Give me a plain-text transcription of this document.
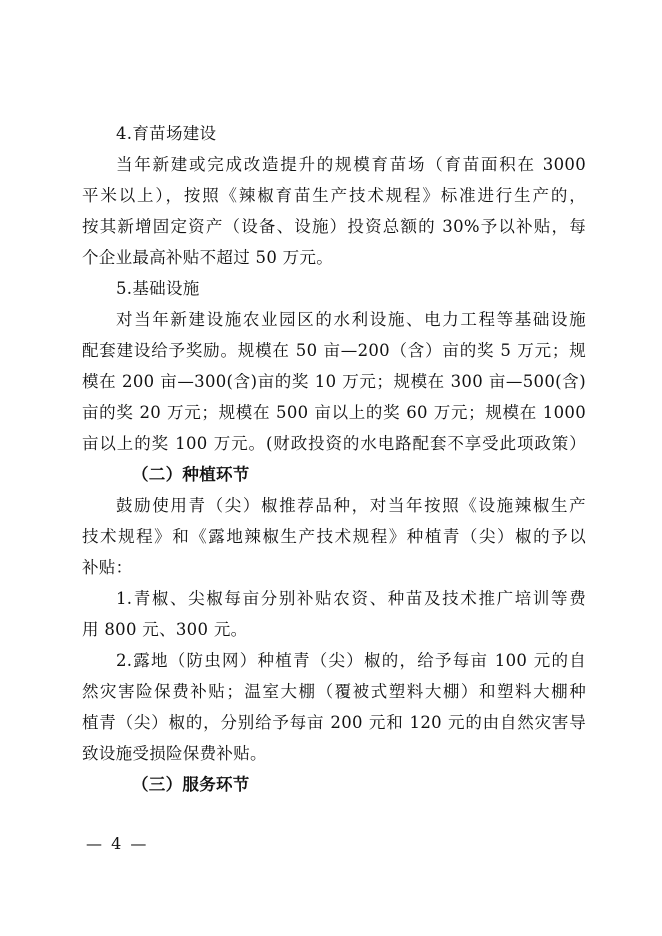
4.育苗场建设
当年新建或完成改造提升的规模育苗场（育苗面积在 3000
平米以上），按照《辣椒育苗生产技术规程》标准进行生产的，
按其新增固定资产（设备、设施）投资总额的 30%予以补贴，每
个企业最高补贴不超过 50 万元。
5.基础设施
对当年新建设施农业园区的水利设施、电力工程等基础设施
配套建设给予奖励。规模在 50 亩—200（含）亩的奖 5 万元；规
模在 200 亩—300(含)亩的奖 10 万元；规模在 300 亩—500(含)
亩的奖 20 万元；规模在 500 亩以上的奖 60 万元；规模在 1000
亩以上的奖 100 万元。(财政投资的水电路配套不享受此项政策）
（二）种植环节
鼓励使用青（尖）椒推荐品种，对当年按照《设施辣椒生产
技术规程》和《露地辣椒生产技术规程》种植青（尖）椒的予以
补贴：
1.青椒、尖椒每亩分别补贴农资、种苗及技术推广培训等费
用 800 元、300 元。
2.露地（防虫网）种植青（尖）椒的，给予每亩 100 元的自
然灾害险保费补贴；温室大棚（覆被式塑料大棚）和塑料大棚种
植青（尖）椒的，分别给予每亩 200 元和 120 元的由自然灾害导
致设施受损险保费补贴。
（三）服务环节
— 4 —
